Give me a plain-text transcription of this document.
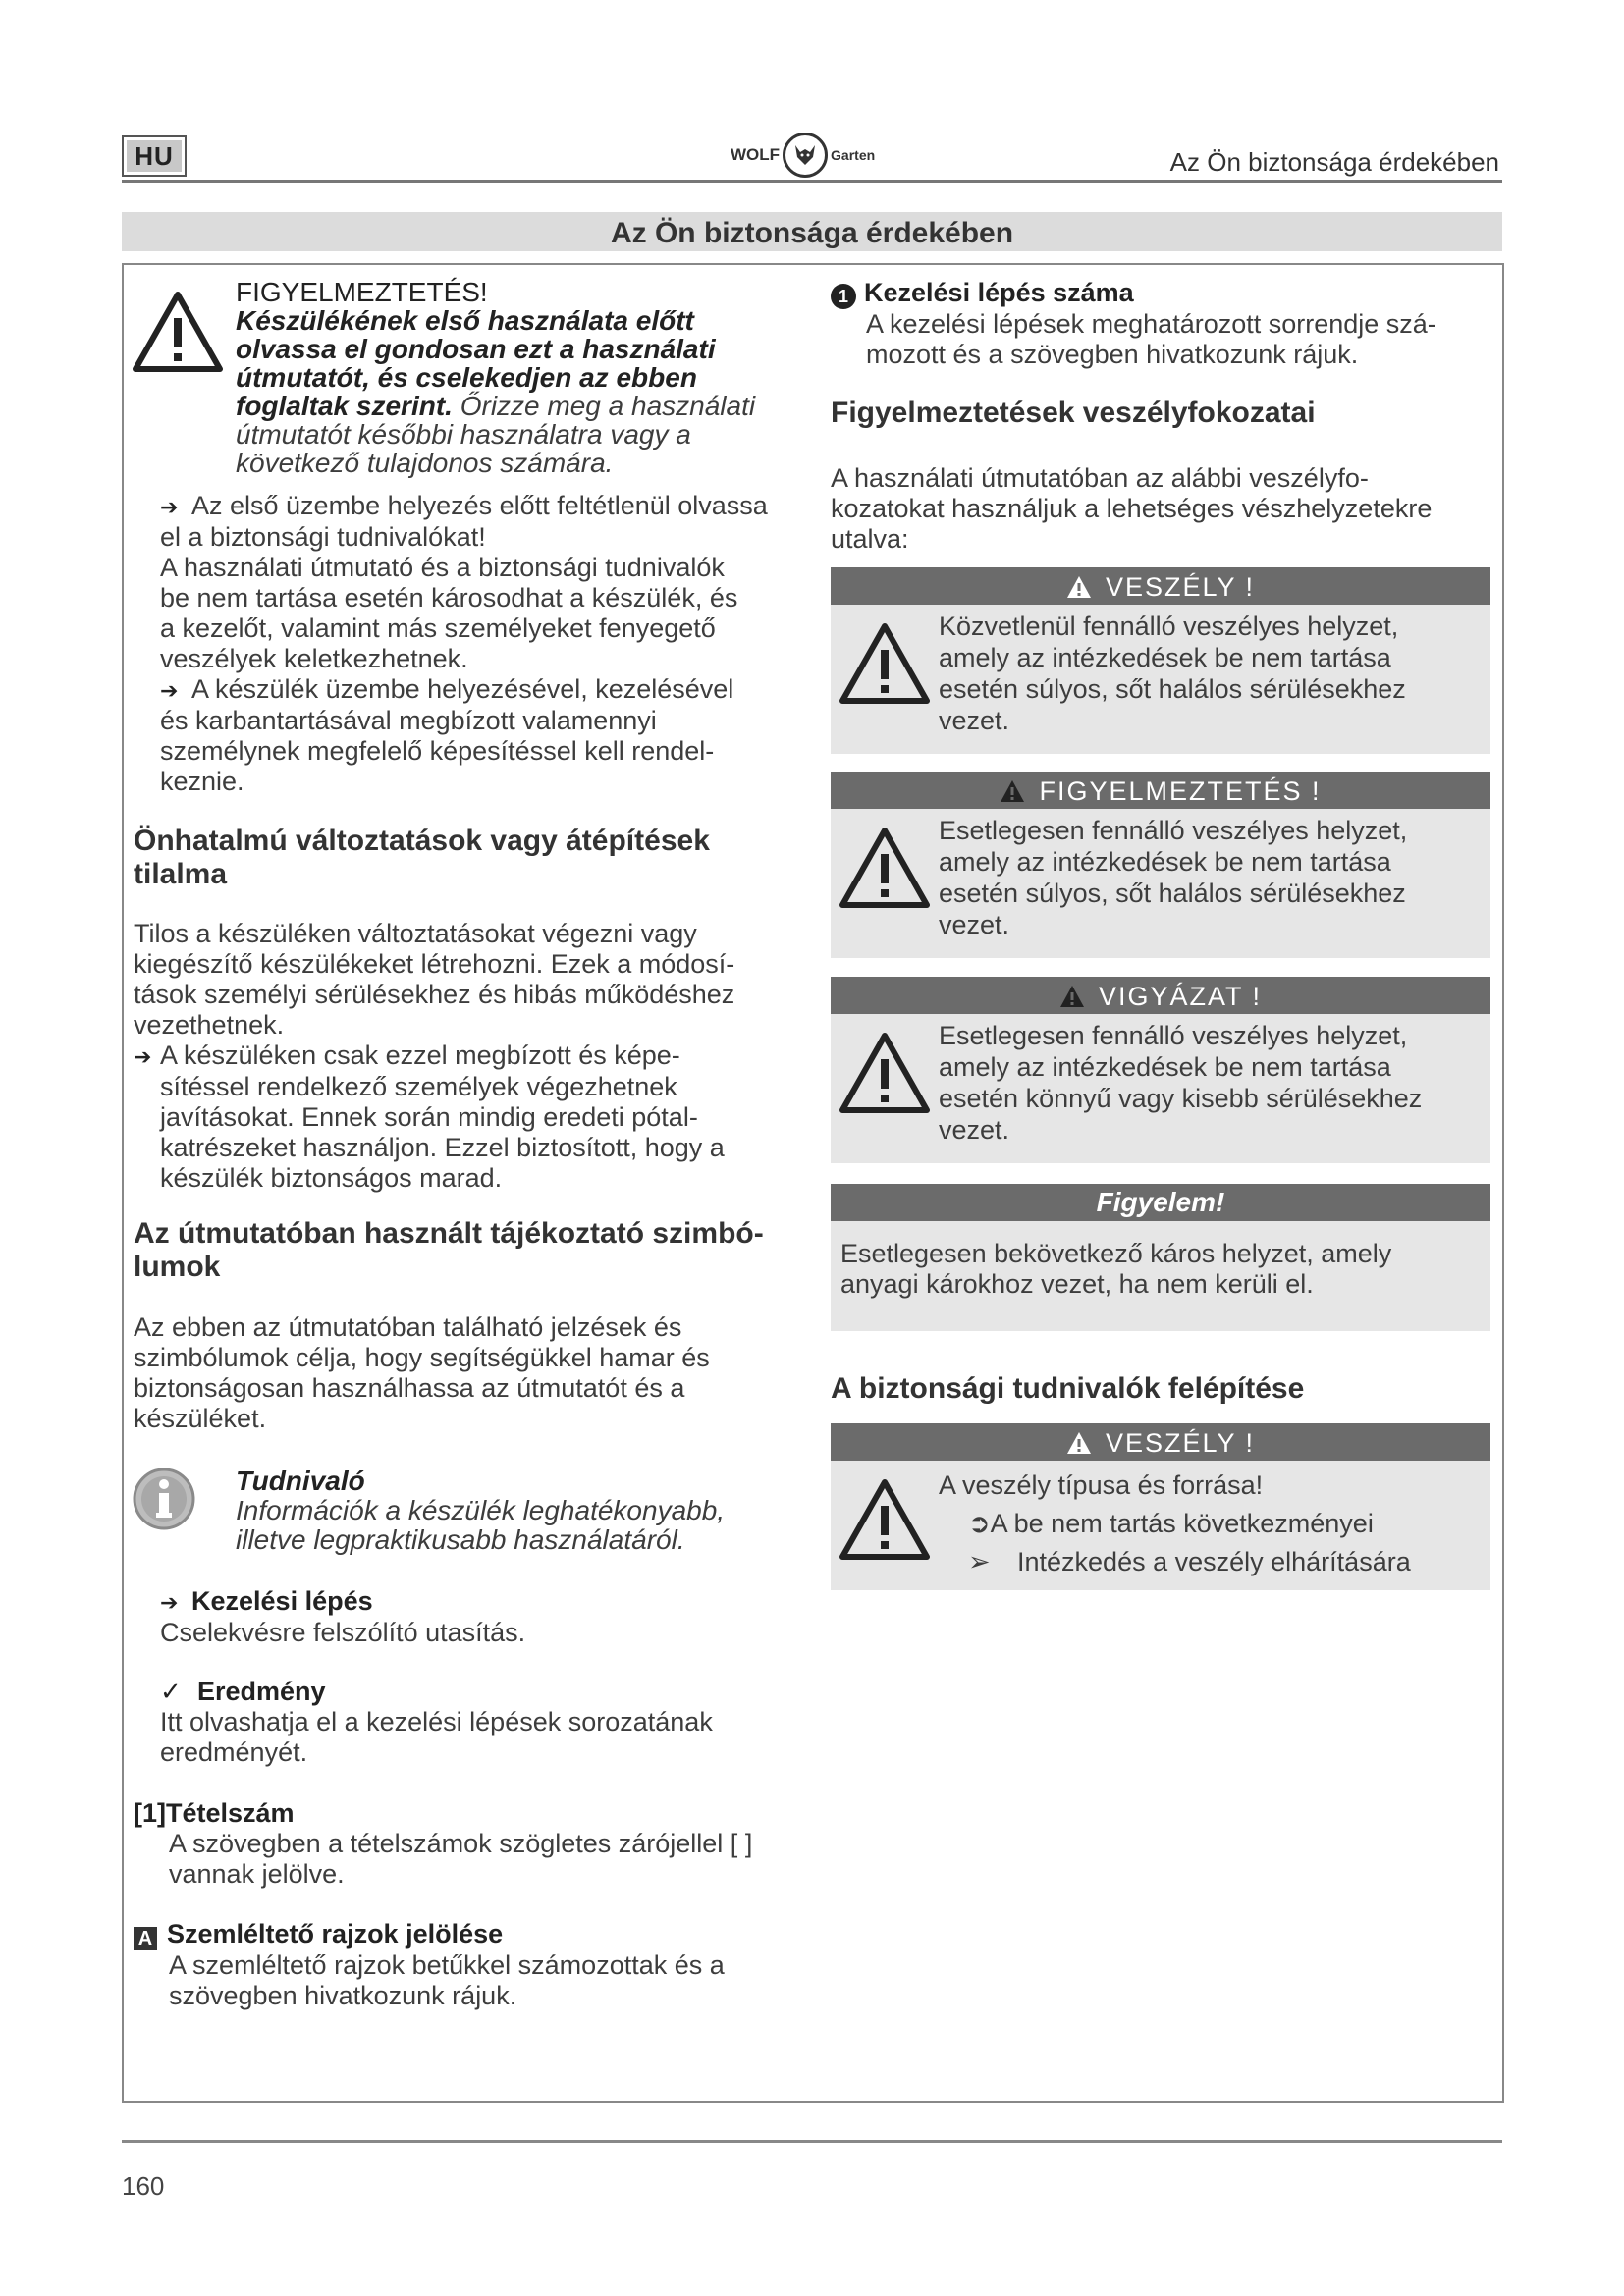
HU	WOLF	Garten	Az Ön biztonsága érdekében
Az Ön biztonsága érdekében
FIGYELMEZTETÉS!
Készülékének első használata előtt
olvassa el gondosan ezt a használati
útmutatót, és cselekedjen az ebben
foglaltak szerint. Őrizze meg a használati
útmutatót későbbi használatra vagy a
következő tulajdonos számára.
➔ Az első üzembe helyezés előtt feltétlenül olvassa
el a biztonsági tudnivalókat!
A használati útmutató és a biztonsági tudnivalók
be nem tartása esetén károsodhat a készülék, és
a kezelőt, valamint más személyeket fenyegető
veszélyek keletkezhetnek.
➔ A készülék üzembe helyezésével, kezelésével
és karbantartásával megbízott valamennyi
személynek megfelelő képesítéssel kell rendel-
keznie.
Önhatalmú változtatások vagy átépítések
tilalma
Tilos a készüléken változtatásokat végezni vagy
kiegészítő készülékeket létrehozni. Ezek a módosí-
tások személyi sérülésekhez és hibás működéshez
vezethetnek.
➔ A készüléken csak ezzel megbízott és képe-
sítéssel rendelkező személyek végezhetnek
javításokat. Ennek során mindig eredeti pótal-
katrészeket használjon. Ezzel biztosított, hogy a
készülék biztonságos marad.
Az útmutatóban használt tájékoztató szimbó-
lumok
Az ebben az útmutatóban található jelzések és
szimbólumok célja, hogy segítségükkel hamar és
biztonságosan használhassa az útmutatót és a
készüléket.
Tudnivaló
Információk a készülék leghatékonyabb,
illetve legpraktikusabb használatáról.
➔ Kezelési lépés
Cselekvésre felszólító utasítás.
✓ Eredmény
Itt olvashatja el a kezelési lépések sorozatának
eredményét.
[1]Tételszám
A szövegben a tételszámok szögletes zárójellel [ ]
vannak jelölve.
A Szemléltető rajzok jelölése
A szemléltető rajzok betűkkel számozottak és a
szövegben hivatkozunk rájuk.
1 Kezelési lépés száma
A kezelési lépések meghatározott sorrendje szá-
mozott és a szövegben hivatkozunk rájuk.
Figyelmeztetések veszélyfokozatai
A használati útmutatóban az alábbi veszélyfo-
kozatokat használjuk a lehetséges vészhelyzetekre
utalva:
VESZÉLY !
Közvetlenül fennálló veszélyes helyzet,
amely az intézkedések be nem tartása
esetén súlyos, sőt halálos sérülésekhez
vezet.
FIGYELMEZTETÉS !
Esetlegesen fennálló veszélyes helyzet,
amely az intézkedések be nem tartása
esetén súlyos, sőt halálos sérülésekhez
vezet.
VIGYÁZAT !
Esetlegesen fennálló veszélyes helyzet,
amely az intézkedések be nem tartása
esetén könnyű vagy kisebb sérülésekhez
vezet.
Figyelem!
Esetlegesen bekövetkező káros helyzet, amely
anyagi károkhoz vezet, ha nem kerüli el.
A biztonsági tudnivalók felépítése
VESZÉLY !
A veszély típusa és forrása!
➲A be nem tartás következményei
➢ Intézkedés a veszély elhárítására
160
